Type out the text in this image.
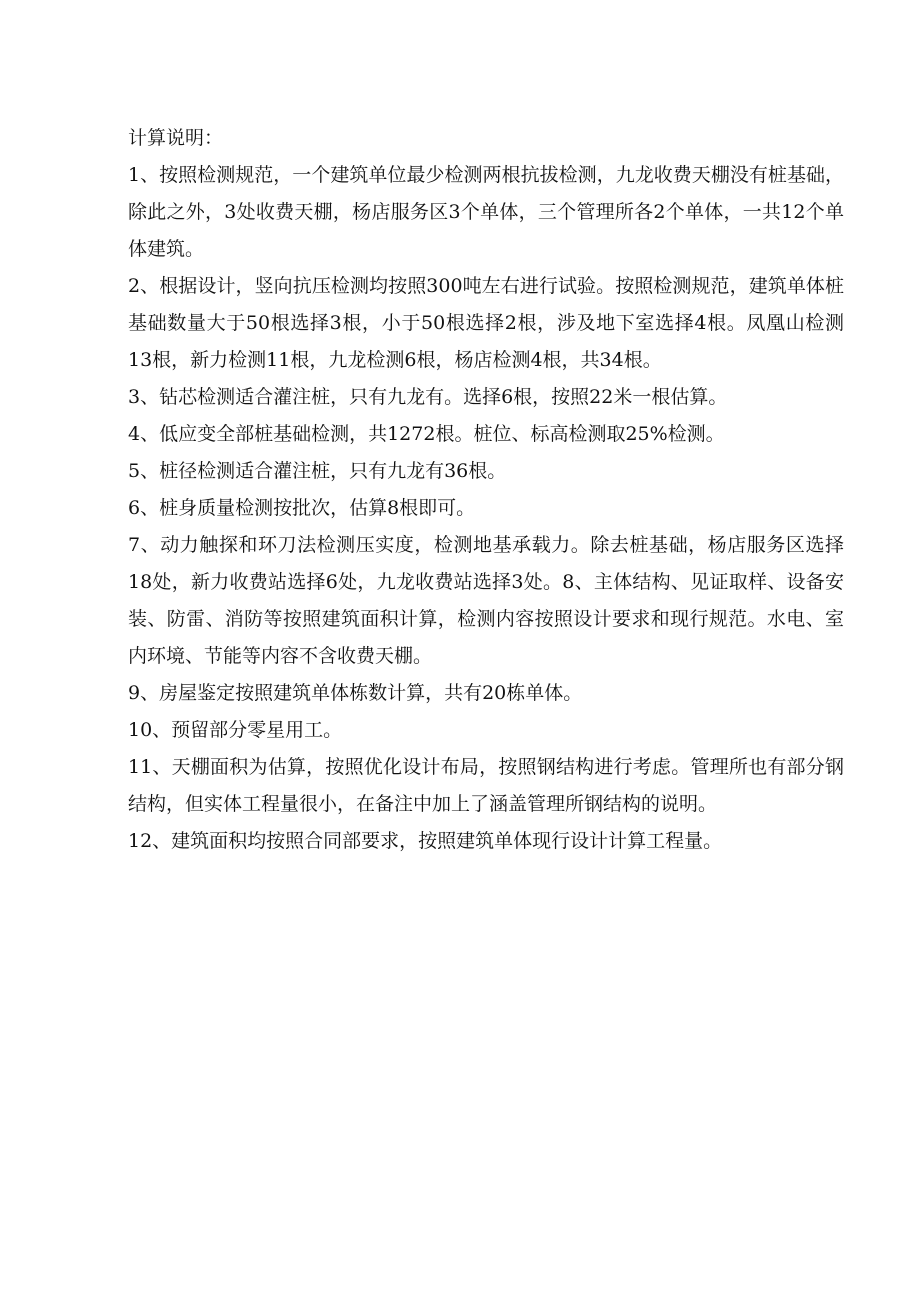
计算说明：

1、按照检测规范，一个建筑单位最少检测两根抗拔检测，九龙收费天棚没有桩基础，除此之外，3处收费天棚，杨店服务区3个单体，三个管理所各2个单体，一共12个单体建筑。

2、根据设计，竖向抗压检测均按照300吨左右进行试验。按照检测规范，建筑单体桩基础数量大于50根选择3根，小于50根选择2根，涉及地下室选择4根。凤凰山检测13根，新力检测11根，九龙检测6根，杨店检测4根，共34根。

3、钻芯检测适合灌注桩，只有九龙有。选择6根，按照22米一根估算。

4、低应变全部桩基础检测，共1272根。桩位、标高检测取25%检测。

5、桩径检测适合灌注桩，只有九龙有36根。

6、桩身质量检测按批次，估算8根即可。

7、动力触探和环刀法检测压实度，检测地基承载力。除去桩基础，杨店服务区选择18处，新力收费站选择6处，九龙收费站选择3处。8、主体结构、见证取样、设备安装、防雷、消防等按照建筑面积计算，检测内容按照设计要求和现行规范。水电、室内环境、节能等内容不含收费天棚。

9、房屋鉴定按照建筑单体栋数计算，共有20栋单体。

10、预留部分零星用工。

11、天棚面积为估算，按照优化设计布局，按照钢结构进行考虑。管理所也有部分钢结构，但实体工程量很小，在备注中加上了涵盖管理所钢结构的说明。

12、建筑面积均按照合同部要求，按照建筑单体现行设计计算工程量。
